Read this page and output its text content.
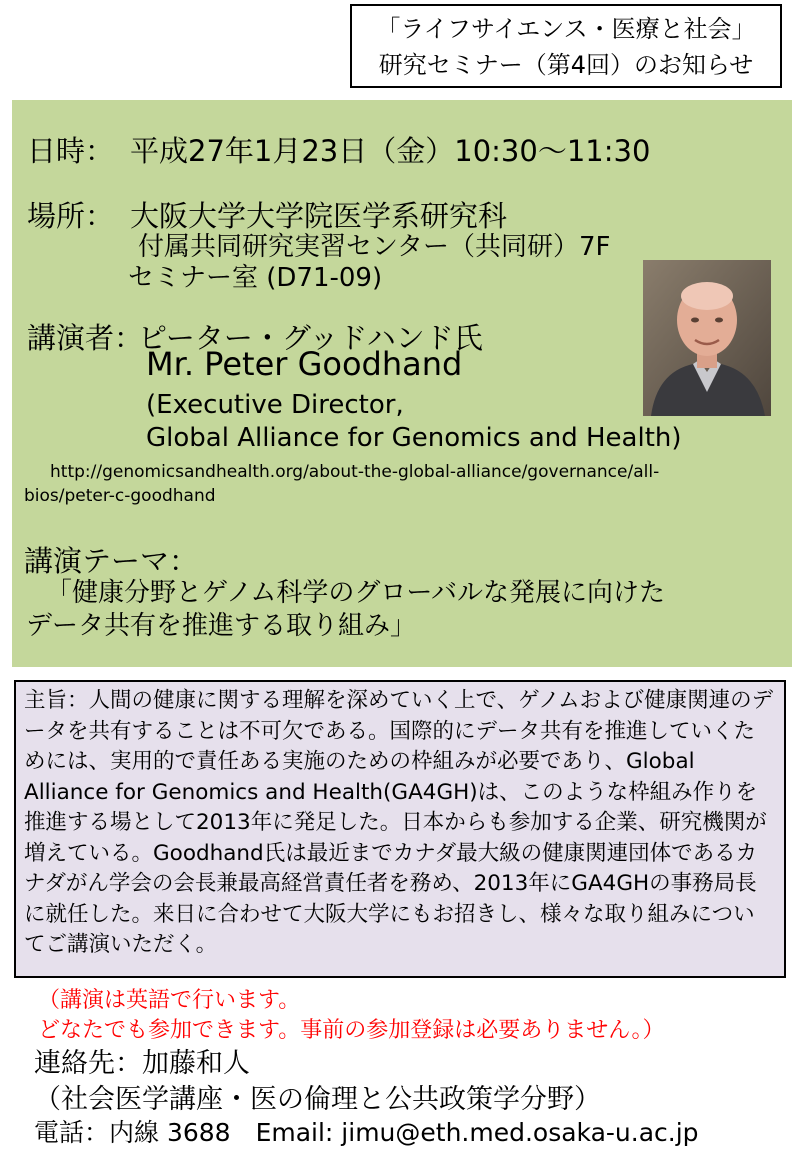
「ライフサイエンス・医療と社会」
研究セミナー（第4回）のお知らせ
日時： 平成27年1月23日（金）10:30～11:30
場所： 大阪大学大学院医学系研究科
付属共同研究実習センター（共同研）7F
セミナー室 (D71-09)
講演者：
ピーター・グッドハンド氏
Mr. Peter Goodhand
(Executive Director,
Global Alliance for Genomics and Health)
http://genomicsandhealth.org/about-the-global-alliance/governance/all-
bios/peter-c-goodhand
講演テーマ：
「健康分野とゲノム科学のグローバルな発展に向けた
データ共有を推進する取り組み」
主旨：人間の健康に関する理解を深めていく上で、ゲノムおよび健康関連のデータを共有することは不可欠である。国際的にデータ共有を推進していくためには、実用的で責任ある実施のための枠組みが必要であり、Global Alliance for Genomics and Health(GA4GH)は、このような枠組み作りを推進する場として2013年に発足した。日本からも参加する企業、研究機関が増えている。Goodhand氏は最近までカナダ最大級の健康関連団体であるカナダがん学会の会長兼最高経営責任者を務め、2013年にGA4GHの事務局長に就任した。来日に合わせて大阪大学にもお招きし、様々な取り組みについてご講演いただく。
（講演は英語で行います。
どなたでも参加できます。事前の参加登録は必要ありません。）
連絡先：加藤和人
（社会医学講座・医の倫理と公共政策学分野）
電話：内線 3688　Email: jimu@eth.med.osaka-u.ac.jp
